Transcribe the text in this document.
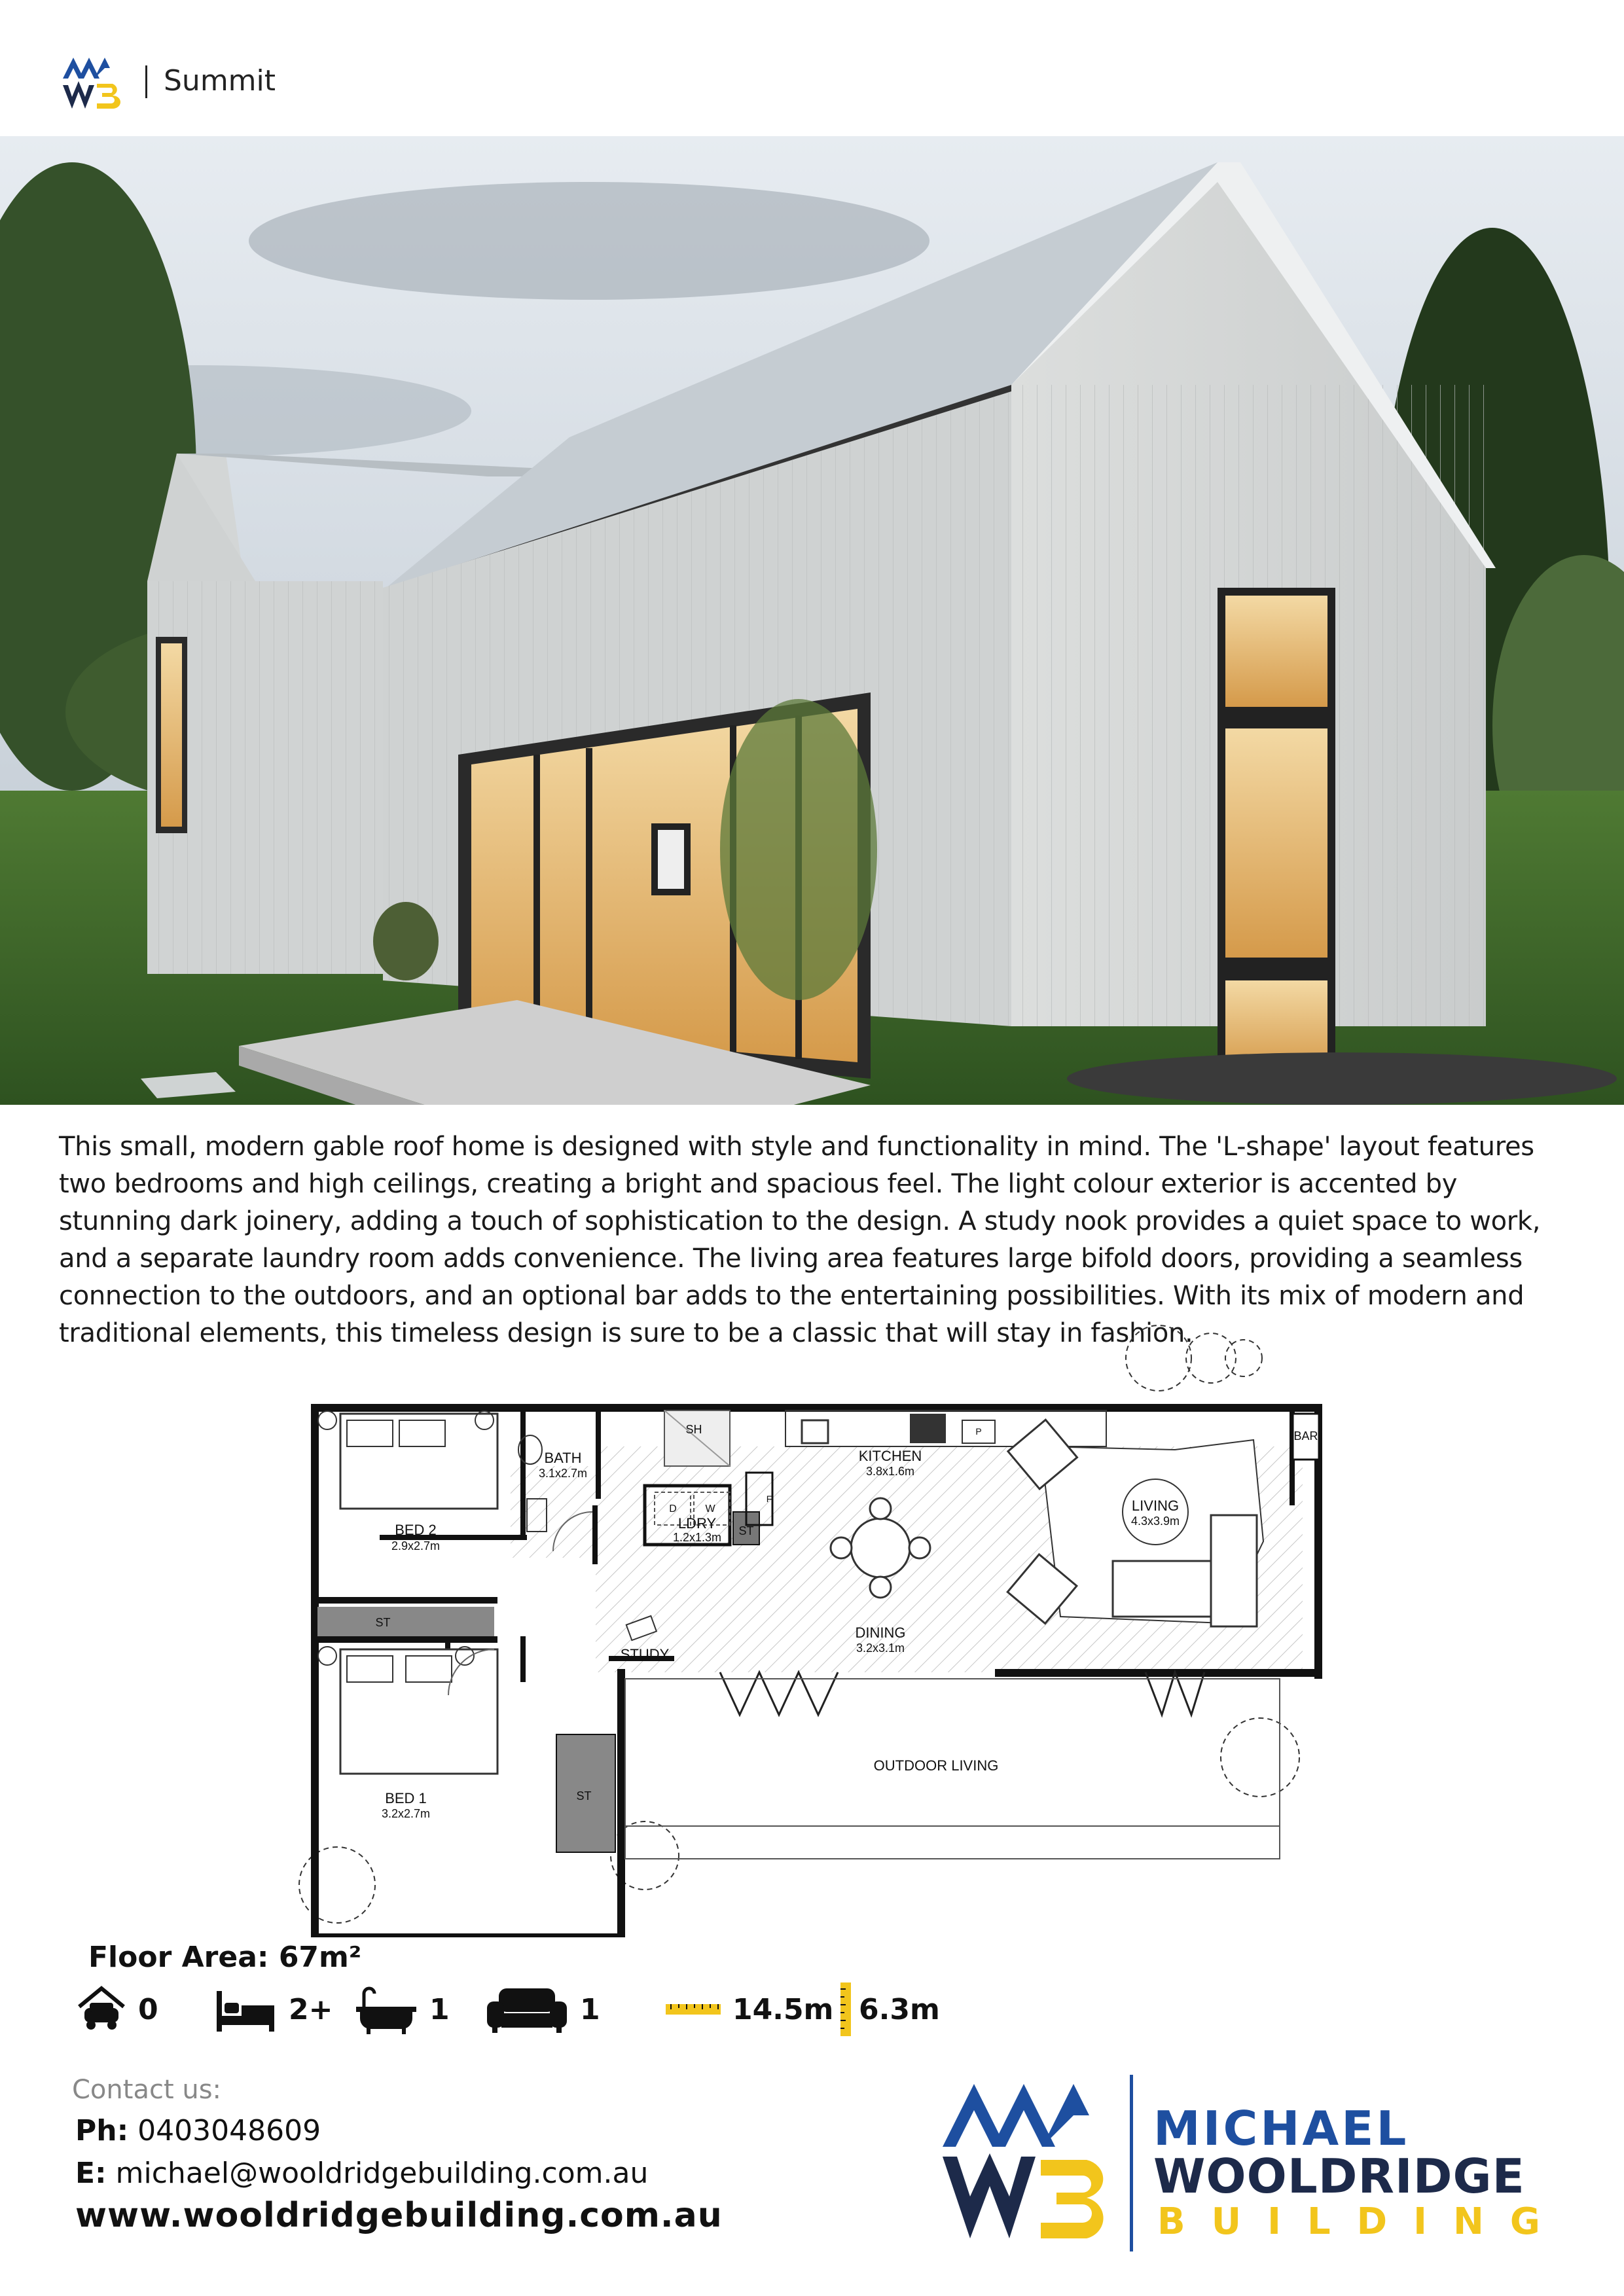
Summit
This small, modern gable roof home is designed with style and functionality in mind. The 'L-shape' layout features two bedrooms and high ceilings, creating a bright and spacious feel. The light colour exterior is accented by stunning dark joinery, adding a touch of sophistication to the design. A study nook provides a quiet space to work, and a separate laundry room adds convenience. The living area features large bifold doors, providing a seamless connection to the outdoors, and an optional bar adds to the entertaining possibilities. With its mix of modern and traditional elements, this timeless design is sure to be a classic that will stay in fashion.
BED 2
2.9x2.7m
BATH
3.1x2.7m
SH
KITCHEN
3.8x1.6m
BAR
LIVING
4.3x3.9m
LDRY
1.2x1.3m
D	W
F
P
ST
ST
ST
DINING
3.2x3.1m
STUDY
BED 1
3.2x2.7m
OUTDOOR LIVING
Floor Area: 67m²
0	2+	1	1	14.5m 6.3m
Contact us:
Ph: 0403048609
E: michael@wooldridgebuilding.com.au
www.wooldridgebuilding.com.au
MICHAEL
WOOLDRIDGE
BUILDING
